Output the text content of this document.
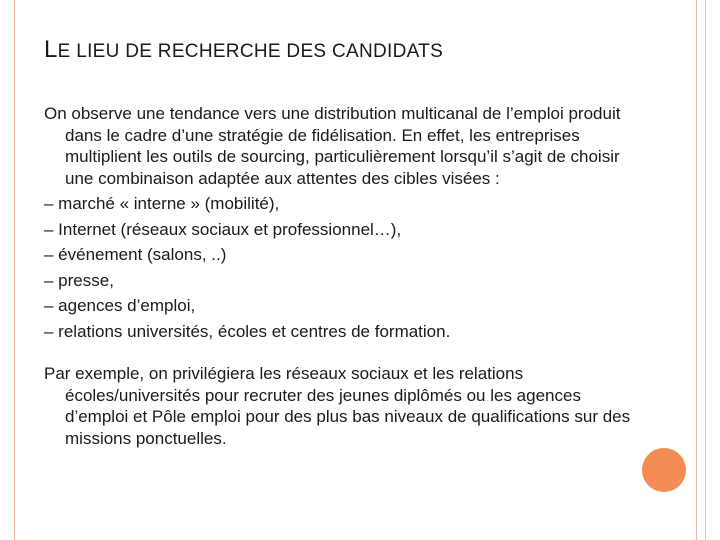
LE LIEU DE RECHERCHE DES CANDIDATS

On observe une tendance vers une distribution multicanal de l’emploi produit dans le cadre d’une stratégie de fidélisation. En effet, les entreprises multiplient les outils de sourcing, particulièrement lorsqu’il s’agit de choisir une combinaison adaptée aux attentes des cibles visées :

– marché « interne » (mobilité),

– Internet (réseaux sociaux et professionnel…),

– événement (salons, ..)

– presse,

– agences d’emploi,

– relations universités, écoles et centres de formation.

Par exemple, on privilégiera les réseaux sociaux et les relations écoles/universités pour recruter des jeunes diplômés ou les agences d’emploi et Pôle emploi pour des plus bas niveaux de qualifications sur des missions ponctuelles.
